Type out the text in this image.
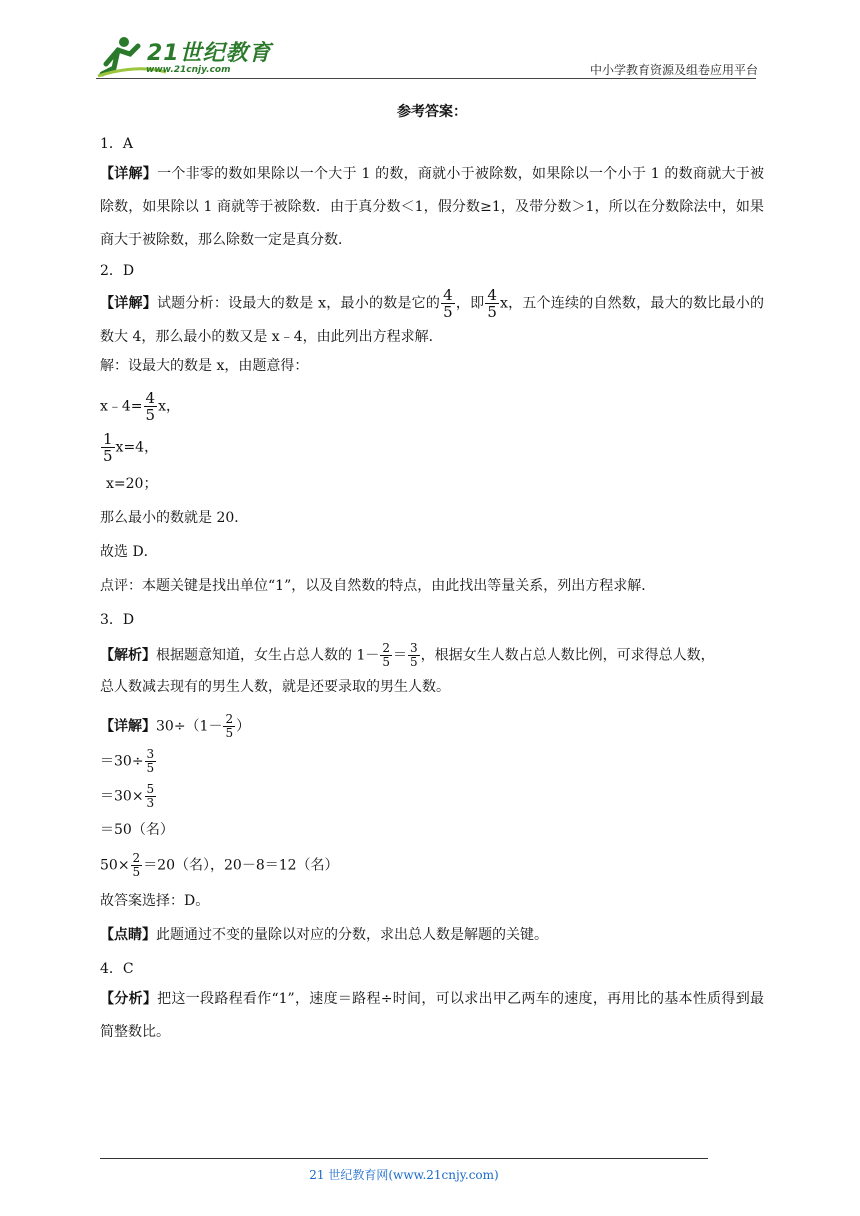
21世纪教育
www.21cnjy.com	中小学教育资源及组卷应用平台
参考答案：
1．A
【详解】一个非零的数如果除以一个大于 1 的数，商就小于被除数，如果除以一个小于 1 的数商就大于被除数，如果除以 1 商就等于被除数．由于真分数＜1，假分数≥1，及带分数＞1，所以在分数除法中，如果商大于被除数，那么除数一定是真分数．
2．D
【详解】试题分析：设最大的数是 x，最小的数是它的 $\frac{4}{5}$ ，即 $\frac{4}{5}$ x，五个连续的自然数，最大的数比最小的数大 4，那么最小的数又是 x﹣4，由此列出方程求解．
解：设最大的数是 x，由题意得：
x﹣4= $\frac{4}{5}$ x，
$\frac{1}{5} x=4$，
x=20；
那么最小的数就是 20．
故选 D．
点评：本题关键是找出单位“1”，以及自然数的特点，由此找出等量关系，列出方程求解．
3．D
【解析】根据题意知道，女生占总人数的 $1- \frac{2}{5} = \frac{3}{5}$ ，根据女生人数占总人数比例，可求得总人数，
总人数减去现有的男生人数，就是还要录取的男生人数。
【详解】$30\div(1- \frac{2}{5}$ ）
$=30\div \frac{3}{5}$
$=30\times \frac{5}{3}$
＝50（名）
$50\times \frac{2}{5} =20$（名），20－8＝12（名）
故答案选择：D。
【点睛】此题通过不变的量除以对应的分数，求出总人数是解题的关键。
4．C
【分析】把这一段路程看作“1”，速度＝路程÷时间，可以求出甲乙两车的速度，再用比的基本性质得到最简整数比。
21 世纪教育网(www.21cnjy.com)
